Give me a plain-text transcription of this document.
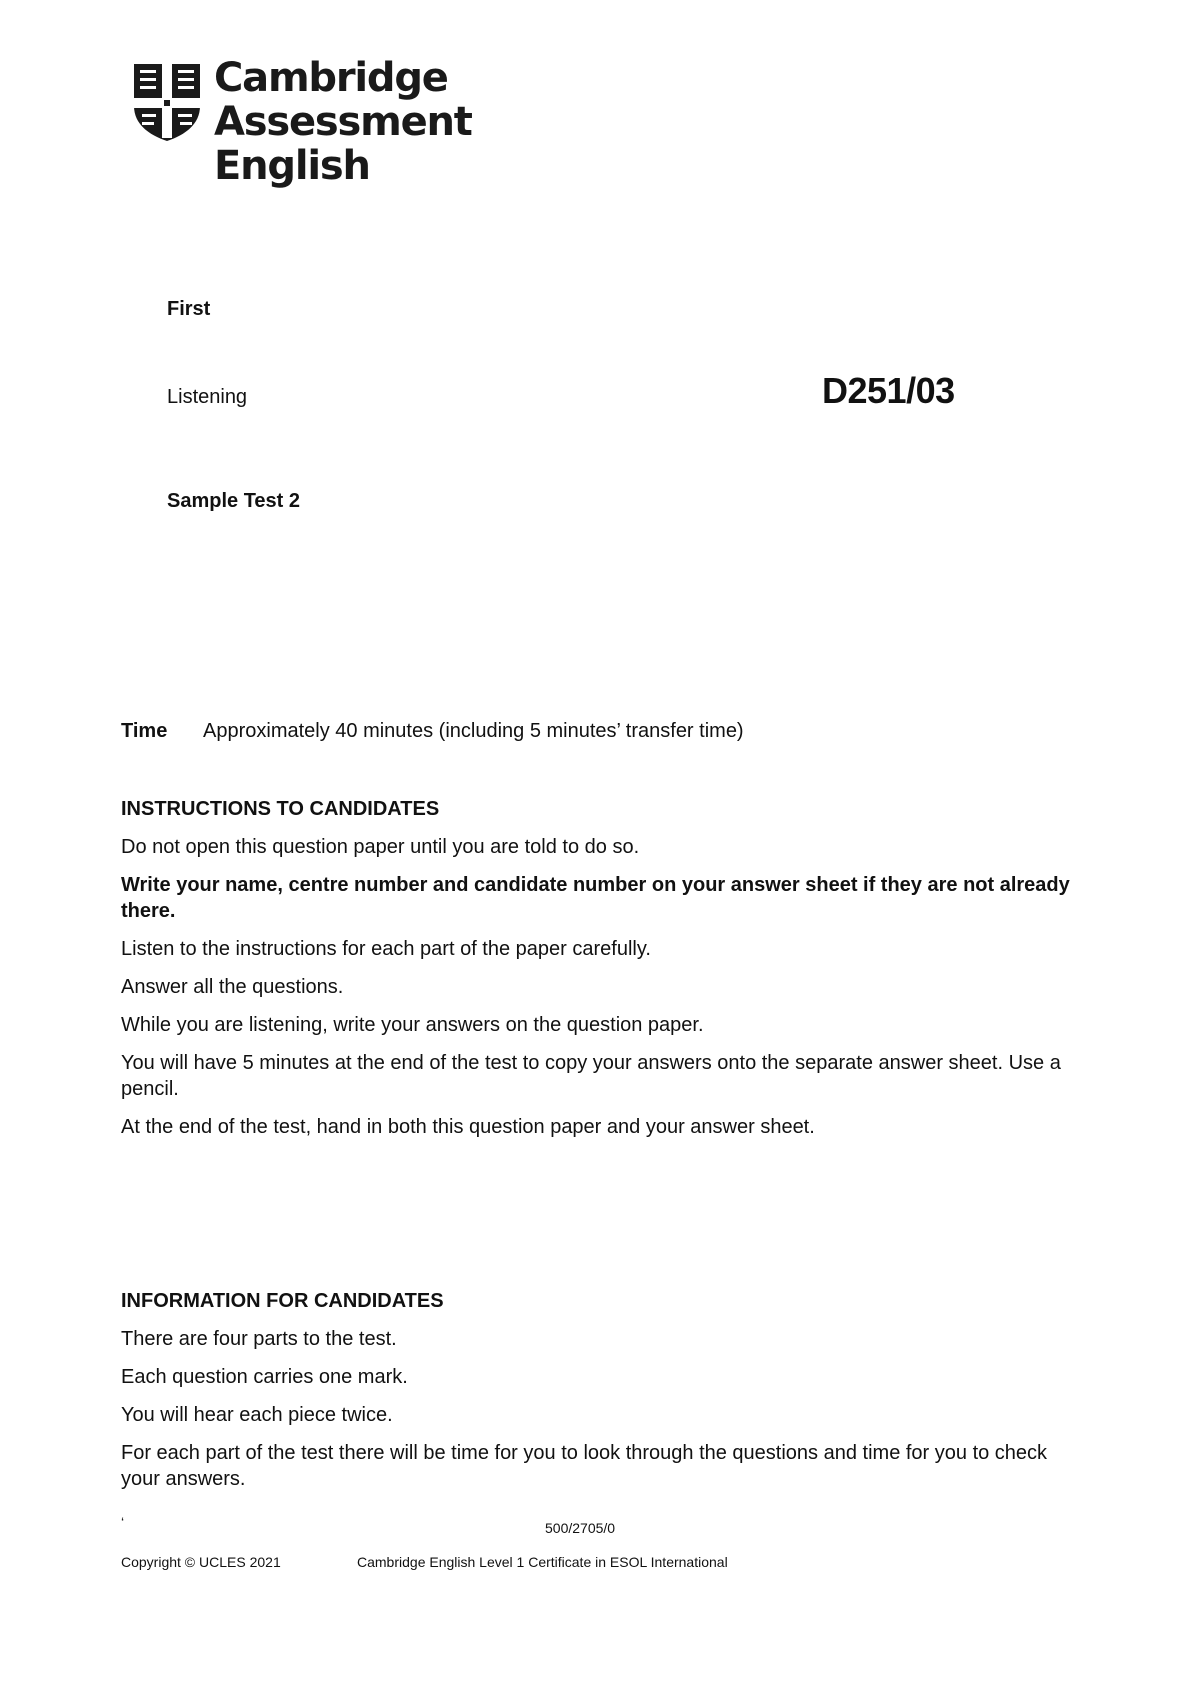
Cambridge Assessment
English
First
Listening	D251/03
Sample Test 2
Time Approximately 40 minutes (including 5 minutes’ transfer time)
INSTRUCTIONS TO CANDIDATES

Do not open this question paper until you are told to do so.

Write your name, centre number and candidate number on your answer sheet if they are not already there.

Listen to the instructions for each part of the paper carefully.

Answer all the questions.

While you are listening, write your answers on the question paper.

You will have 5 minutes at the end of the test to copy your answers onto the separate answer sheet. Use a pencil.

At the end of the test, hand in both this question paper and your answer sheet.

INFORMATION FOR CANDIDATES

There are four parts to the test.

Each question carries one mark.

You will hear each piece twice.

For each part of the test there will be time for you to look through the questions and time for you to check your answers.

‘	500/2705/0
Copyright © UCLES 2021	Cambridge English Level 1 Certificate in ESOL International
